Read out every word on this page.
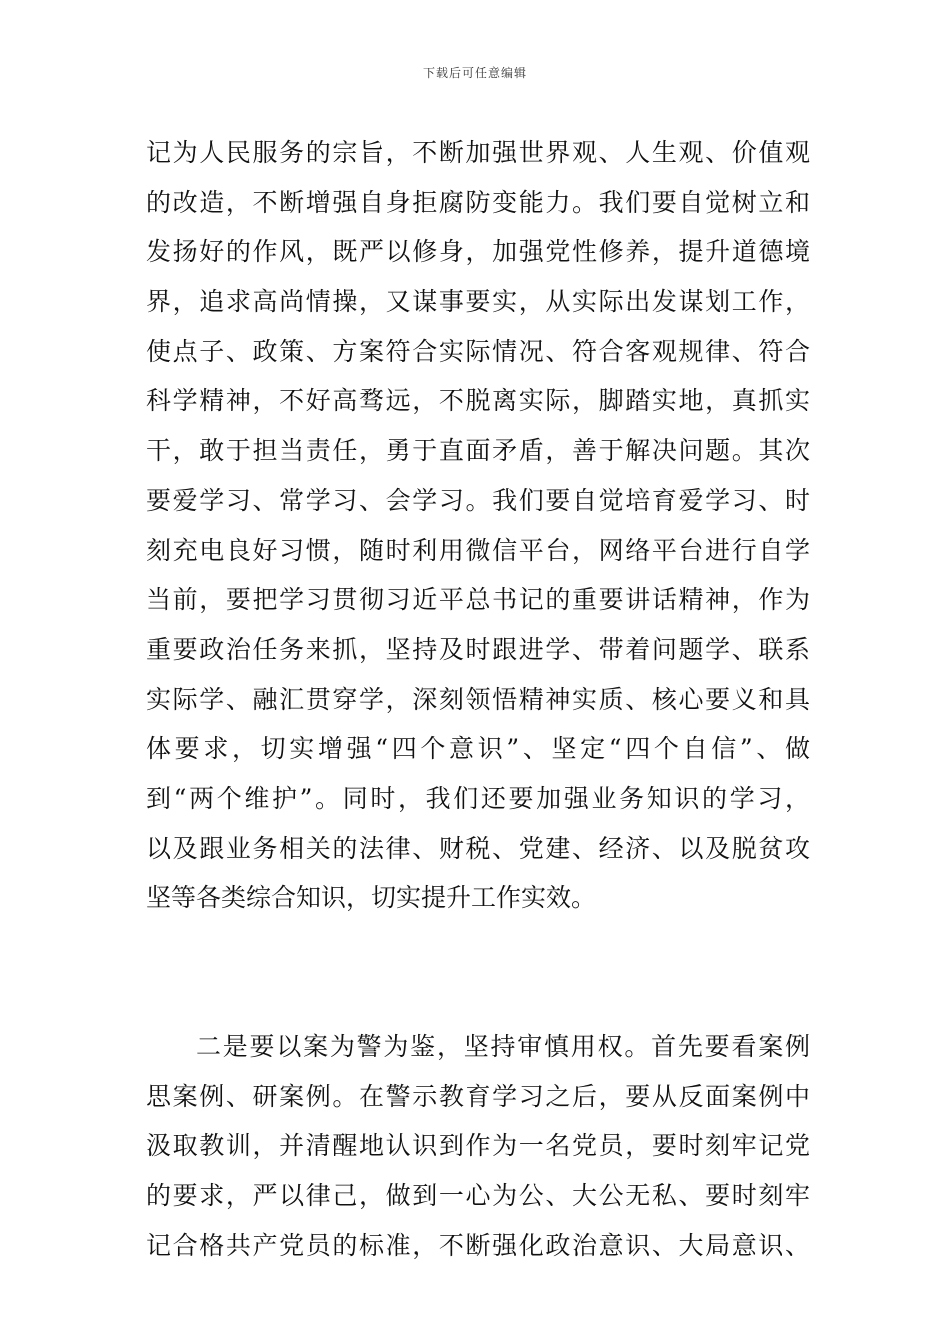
下载后可任意编辑
记为人民服务的宗旨，不断加强世界观、人生观、价值观
的改造，不断增强自身拒腐防变能力。我们要自觉树立和
发扬好的作风，既严以修身，加强党性修养，提升道德境
界，追求高尚情操，又谋事要实，从实际出发谋划工作，
使点子、政策、方案符合实际情况、符合客观规律、符合
科学精神，不好高骛远，不脱离实际，脚踏实地，真抓实
干，敢于担当责任，勇于直面矛盾，善于解决问题。其次
要爱学习、常学习、会学习。我们要自觉培育爱学习、时
刻充电良好习惯，随时利用微信平台，网络平台进行自学
当前，要把学习贯彻习近平总书记的重要讲话精神，作为
重要政治任务来抓，坚持及时跟进学、带着问题学、联系
实际学、融汇贯穿学，深刻领悟精神实质、核心要义和具
体要求，切实增强“四个意识”、坚定“四个自信”、做
到“两个维护”。同时，我们还要加强业务知识的学习，
以及跟业务相关的法律、财税、党建、经济、以及脱贫攻
坚等各类综合知识，切实提升工作实效。
二是要以案为警为鉴，坚持审慎用权。首先要看案例
思案例、研案例。在警示教育学习之后，要从反面案例中
汲取教训，并清醒地认识到作为一名党员，要时刻牢记党
的要求，严以律己，做到一心为公、大公无私、要时刻牢
记合格共产党员的标准，不断强化政治意识、大局意识、
